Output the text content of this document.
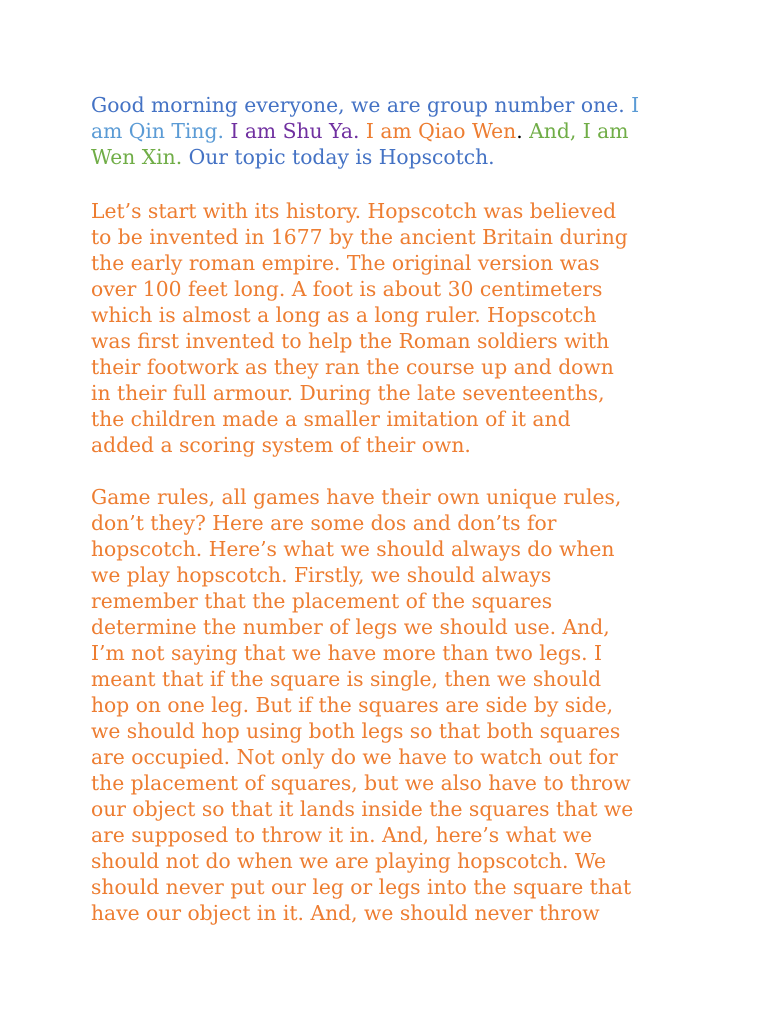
Good morning everyone, we are group number one. I
am Qin Ting. I am Shu Ya. I am Qiao Wen. And, I am
Wen Xin. Our topic today is Hopscotch.
Let’s start with its history. Hopscotch was believed
to be invented in 1677 by the ancient Britain during
the early roman empire. The original version was
over 100 feet long. A foot is about 30 centimeters
which is almost a long as a long ruler. Hopscotch
was first invented to help the Roman soldiers with
their footwork as they ran the course up and down
in their full armour. During the late seventeenths,
the children made a smaller imitation of it and
added a scoring system of their own.
Game rules, all games have their own unique rules,
don’t they? Here are some dos and don’ts for
hopscotch. Here’s what we should always do when
we play hopscotch. Firstly, we should always
remember that the placement of the squares
determine the number of legs we should use. And,
I’m not saying that we have more than two legs. I
meant that if the square is single, then we should
hop on one leg. But if the squares are side by side,
we should hop using both legs so that both squares
are occupied. Not only do we have to watch out for
the placement of squares, but we also have to throw
our object so that it lands inside the squares that we
are supposed to throw it in. And, here’s what we
should not do when we are playing hopscotch. We
should never put our leg or legs into the square that
have our object in it. And, we should never throw
